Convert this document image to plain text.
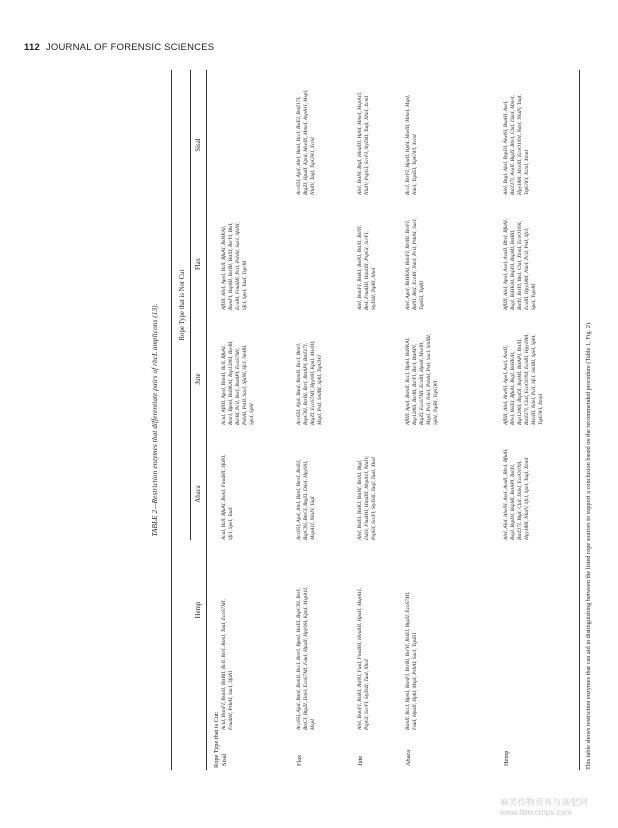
112 JOURNAL OF FORENSIC SCIENCES
TABLE 2—Restriction enzymes that differentiate pairs of rbcL amplicons (13).	Rope Type that is Not Cut
Hemp
Abaca
Jute
Flax
Sisal
Rope Type that is Cut: Sisal
AcuI, BsmFI, BsmII, BstBII, BclI, BsrI, BsmI, TaaI, EcoS7MI, Fnu4HI, PshAI, SacI, SfaNI
AcuI, BclI, BfuAI, BsmI, Fnu4HI, SfaNI, SfcI, SpeI, TaaI
AcuI, AflIII, ApoI, BsmII, BclI, BfuAI, BmrI, BpmI, BsHKAI, Bsp1286I, BsrBI, BsrBI, PciI, BsrI, BstAPI, EcoS7MI, PshAI, PstII, SacI, SfaNI, SfcI, SmlBI, SpeI, SphI
AflIII, AloI, ApoI, BclI, BfuAI, BsHKAI, BsmFI, BspMI, BsrBI, BstXI, BsrYI, BtsI, EcoRI, Fnu4HI, PciI, PshAI, SacI, SfaNI, SfcI, SpeI, TaaI, TsprRI
Flax
Acc65I, AjuI, BanI, BsmII, BccI, BmrI, BpmI, BsiEI, BspCNI, BsrI, BtsCI, BtgZI, DdeI, EcoS7MI, FauI, HpaII, Hpy99I, KpnI, MspA1I, MspI
Acc65I, AjuI, AleI, BanI, BmrI, BsiEI, BspCNI, BtsCI, BtgZI, DdeI, Hpy99I, MspA1I, NlaIV, TaqI
Acc65I, AjuI, BanI, BsmII, BccI, BmrI, BspCNI, BsrBI, BsrI, BstAPI, BstZ17I, BtgZI, EcoS7MI, Hpy99I, KpnI, MseIII, MspI, PstI, SmlBI, SphI, TspGWI
Acc65I, AjuI, AleI, BanI, BccI, BsiEI, BstZ17I, BtgZI, HpaII, KpnI, MseIII, MmeI, AspA1I, MspI, NlaIV, TaqI, TspGWI, XcmI
Jute
AleI, BsmFI, BsiKI, BstNI, FauI, Fnu4HI, HindIII, HpaII, MspA1I, PspGI, ScrFI, StyD4I, TaaI, XhoI
AleI, BsiEI, BstKI, BstNI, BstXI, BtgI, DdeI, Fnu4HI, HindIII, MspA1I, NlaIV, PspGI, ScrFI, StyD4I, TaqI, TaaI, XhoI
AleI, BsmFI, BstKI, BstNI, BstXI, BstYI, BtsI, Fnu4HI, HindIII, PspGI, ScrFI, StyD4I, TspRI, XhoI
AleI, BstNI, BtgI, HindIII, HphI, MmeI, MspA1I, NlaIV, PspGI, ScrFI, StyD4I, TaqI, XhoI, XcmI
Abaca
BsmII, BccI, BpmI, BsmFI, BsrBI, BsrYI, BsiEI, BtgZI, EcoS7MI, FauI, HpaII, HphI, MspI, PshAI, SacI, Tsp45I
AflIII, ApoI, BsmII, BccI, BpmI, BsHKAI, Bsp1286I, BsrBI, BsrFI, BsrI, BstAPI, BtgZI, EcoS7MI, EcoRI, HpaII, MseIII, MspI, PciI, NdeI, PshAI, PstI, SacI, SmlBI, SphI, TspRI, TspGWI
AleI, ApoI, BsHKAI, BsmFI, BsrBI, BsrFI, BstYI, BtsI, EcoRI, NdeI, PciI, PshAI, SacI, Tsp45I, TspRI
BccI, BsrFI, HpaII, HphI, MseIII, MmeI, MspI, NdeI, Tsp45I, TspGWI, XcmI
Hemp
AleI, AloI, AlwNI, AseI, AvaII, BbvI, BfuAI, BsgI, BspDI, BspMI, BstAPI, BstXI, BstZ17I, BtgI, ClaI, DdeI, EcoO109I, Hpy188I, NlaIV, SfcI, SpeI, TaqI, XmnI
AflIII, AloI, AlwNI, ApoI, AseI, AvaII, BbvI, BsiEI, BfuAI, BsgI, BsHKAI, Bsp1286I, BspDI, BspMI, BstAPI, BstXI, BstZ17I, ClaI, EcoO109I, EcoRI, Hpy188I, MseIII, NdeI, PciI, SfcI, SmlBI, SpeI, SphI, TspGWI, XmnI
AflIII, AloI, ApoI, AseI, AvaII, BbvI, BfuAI, BsgI, BsHKAI, BspDI, BspMI, BstBII, BstXI, BstYI, BtsI, ClaI, XmnI, EcoO109I, EcoRI, Hpy188I, NdeI, PciI, PstI, SfcI, SpeI, TsprRI
AleI, BsgI, AloI, BspDI, AlwNI, BsaHI, AseI, BstZ17I, AvaII, BtgZI, BbvI, ClaI, DdeI, MmeI, Hpy188I, MseIII, EcoO109I, NdeI, NlaIV, TaqI, TspGWI, XcmI, XmnI
This table shows restriction enzymes that can aid in distinguishing between the listed rope sources to support a conclusion based on the recommended procedure (Table 1, Fig. 2).
麻类作物营养与施肥网
www.fibercrops.com
